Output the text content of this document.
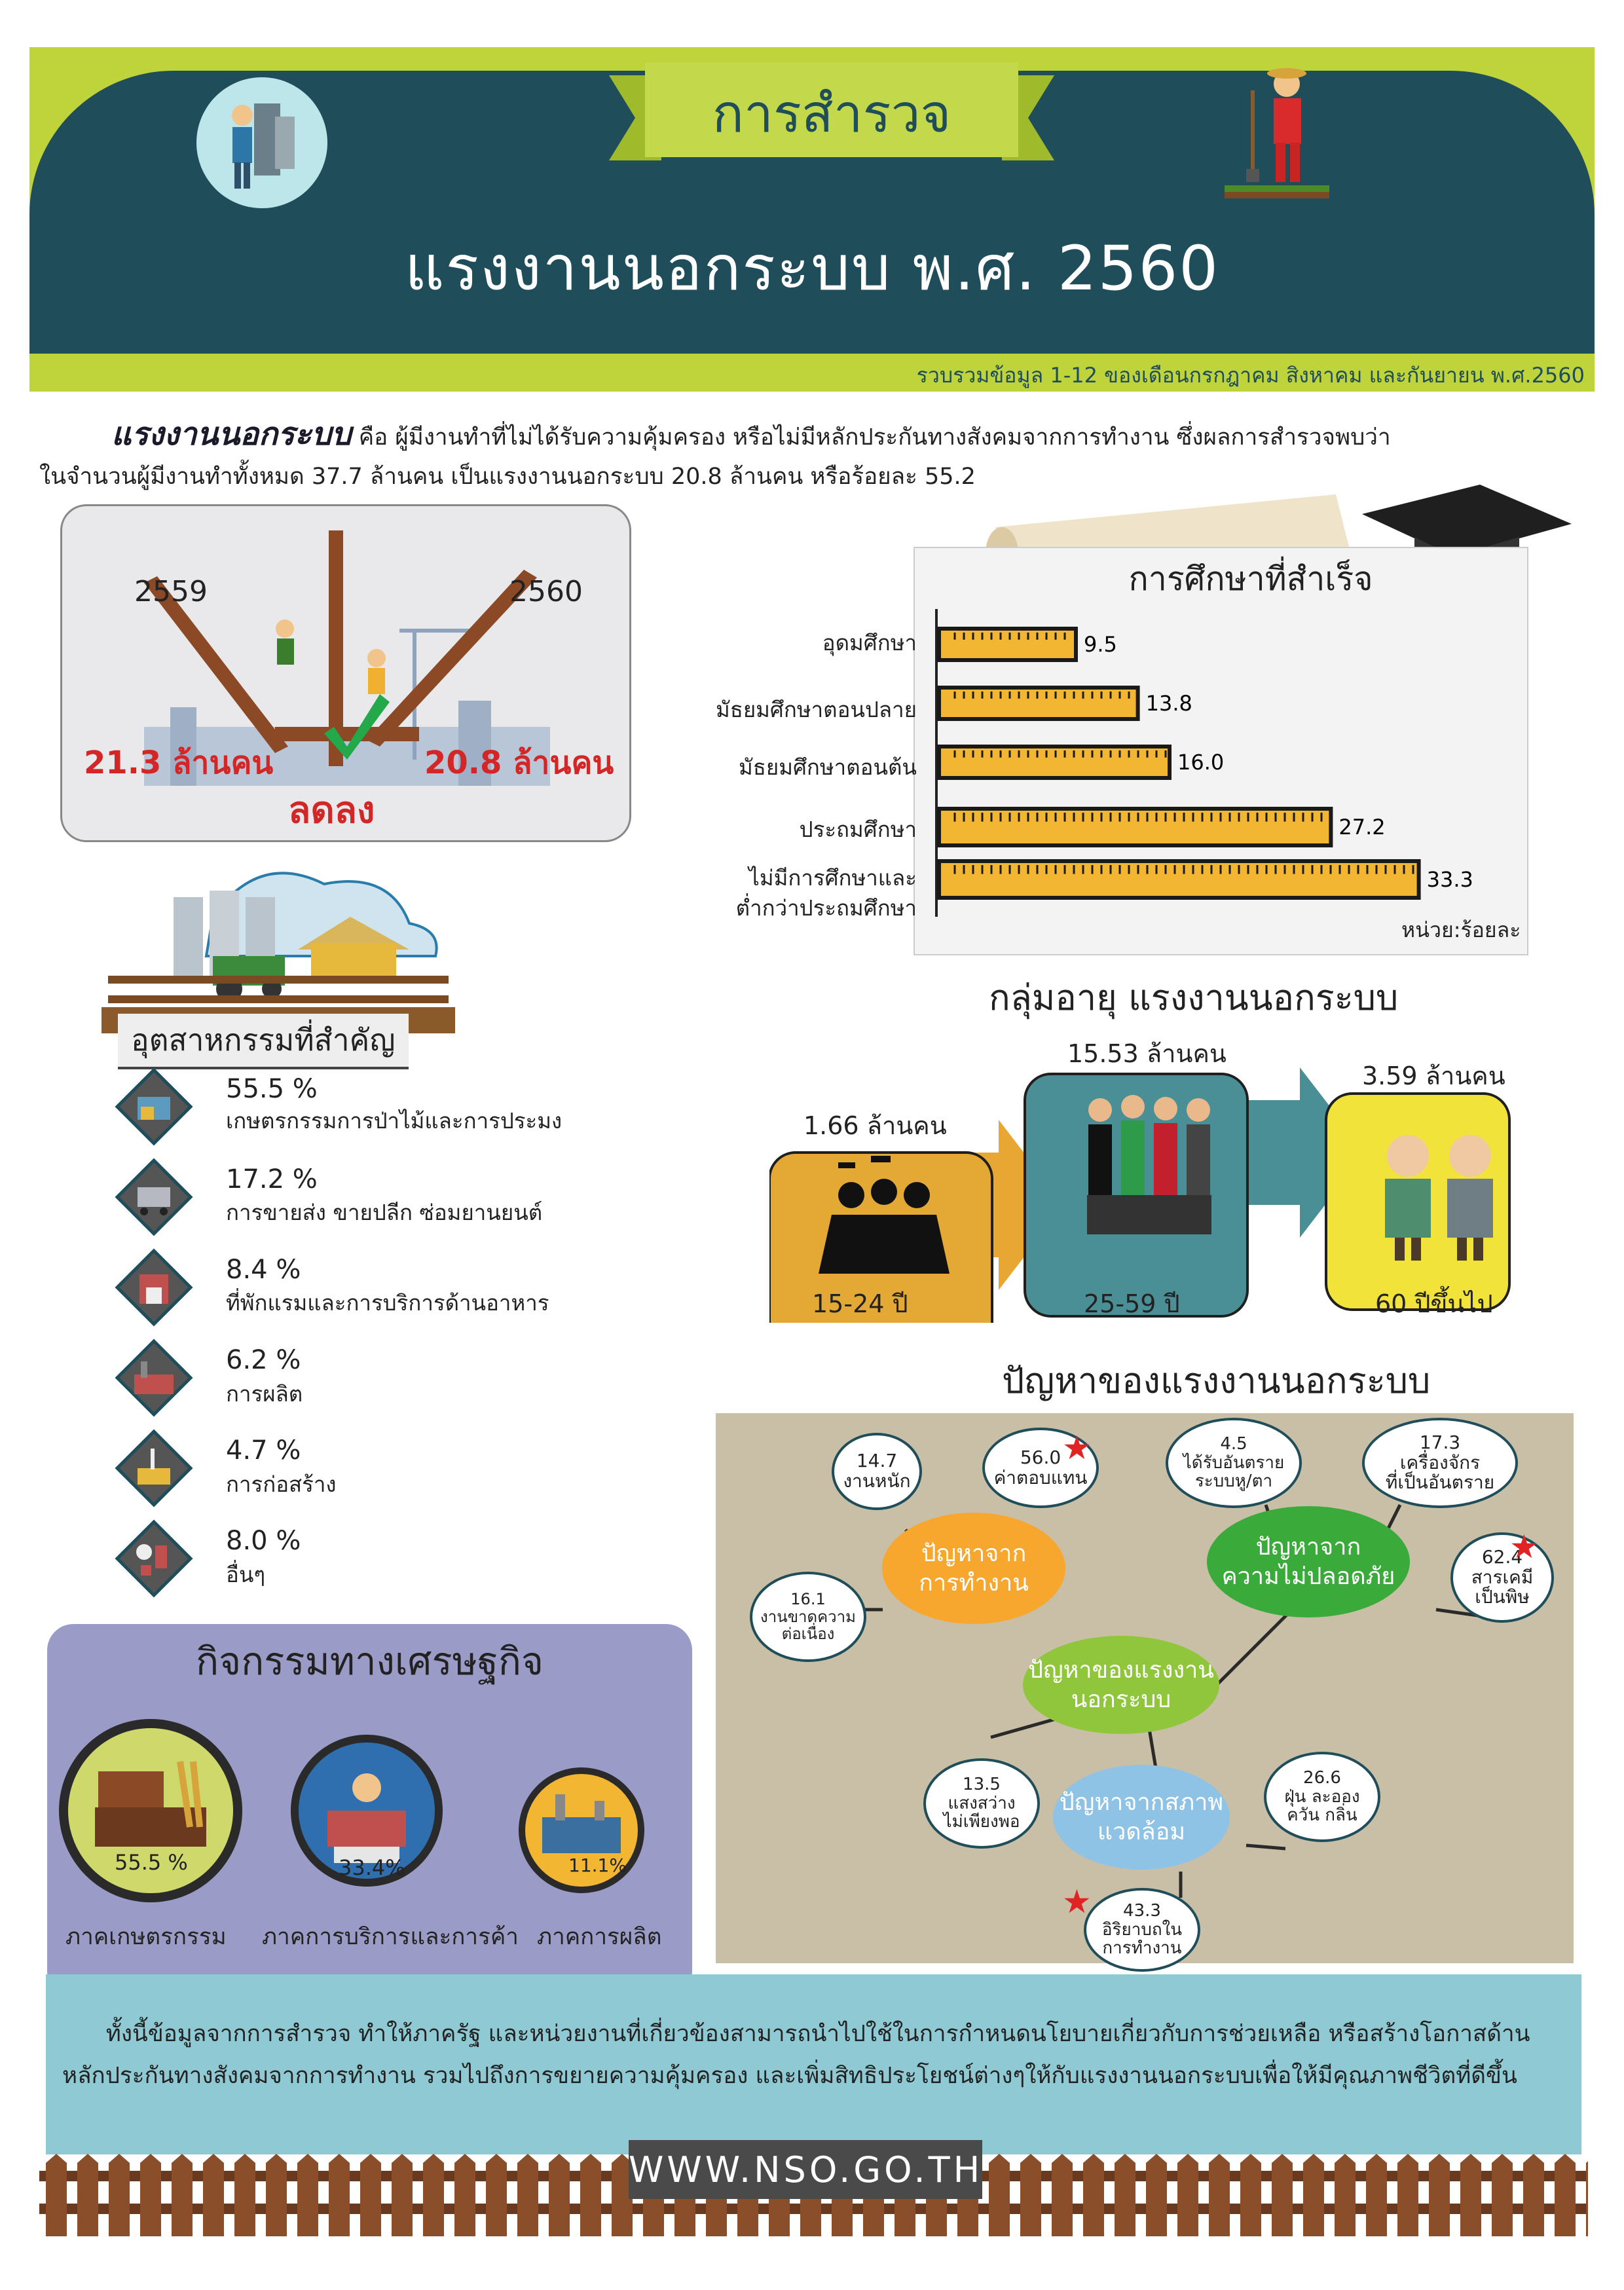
การสำรวจ
แรงงานนอกระบบ พ.ศ. 2560
รวบรวมข้อมูล 1-12 ของเดือนกรกฎาคม สิงหาคม และกันยายน พ.ศ.2560
แรงงานนอกระบบ คือ ผู้มีงานทำที่ไม่ได้รับความคุ้มครอง หรือไม่มีหลักประกันทางสังคมจากการทำงาน ซึ่งผลการสำรวจพบว่า
ในจำนวนผู้มีงานทำทั้งหมด 37.7 ล้านคน เป็นแรงงานนอกระบบ 20.8 ล้านคน หรือร้อยละ 55.2
2559	2560
21.3 ล้านคน	20.8 ล้านคน
ลดลง
การศึกษาที่สำเร็จ
9.5
13.8
16.0
27.2
33.3
อุดมศึกษา
มัธยมศึกษาตอนปลาย
มัธยมศึกษาตอนต้น
ประถมศึกษา
ไม่มีการศึกษาและ
ต่ำกว่าประถมศึกษา
หน่วย:ร้อยละ
กลุ่มอายุ แรงงานนอกระบบ
1.66 ล้านคน
15.53 ล้านคน
3.59 ล้านคน
15-24 ปี	25-59 ปี	60 ปีขึ้นไป
อุตสาหกรรมที่สำคัญ
55.5 %
เกษตรกรรมการป่าไม้และการประมง
17.2 %
การขายส่ง ขายปลีก ซ่อมยานยนต์
8.4 %
ที่พักแรมและการบริการด้านอาหาร
6.2 %
การผลิต
4.7 %
การก่อสร้าง
8.0 %
อื่นๆ
กิจกรรมทางเศรษฐกิจ
55.5 %	33.4%	11.1%
ภาคเกษตรกรรม ภาคการบริการและการค้า ภาคการผลิต
ปัญหาของแรงงานนอกระบบ
ปัญหาจาก
การทำงาน
ปัญหาจาก
ความไม่ปลอดภัย
ปัญหาของแรงงาน
นอกระบบ
ปัญหาจากสภาพ
แวดล้อม
14.7
งานหนัก
56.0
ค่าตอบแทน
★
16.1
งานขาดความ
ต่อเนื่อง
4.5
ได้รับอันตราย
ระบบหู/ตา
17.3
เครื่องจักร
ที่เป็นอันตราย
62.4
สารเคมี
เป็นพิษ
★
13.5
แสงสว่าง
ไม่เพียงพอ
26.6
ฝุ่น ละออง
ควัน กลิ่น
43.3
อิริยาบถใน
การทำงาน
★
ทั้งนี้ข้อมูลจากการสำรวจ ทำให้ภาครัฐ และหน่วยงานที่เกี่ยวข้องสามารถนำไปใช้ในการกำหนดนโยบายเกี่ยวกับการช่วยเหลือ หรือสร้างโอกาสด้านหลักประกันทางสังคมจากการทำงาน รวมไปถึงการขยายความคุ้มครอง และเพิ่มสิทธิประโยชน์ต่างๆให้กับแรงงานนอกระบบเพื่อให้มีคุณภาพชีวิตที่ดีขึ้น
WWW.NSO.GO.TH
